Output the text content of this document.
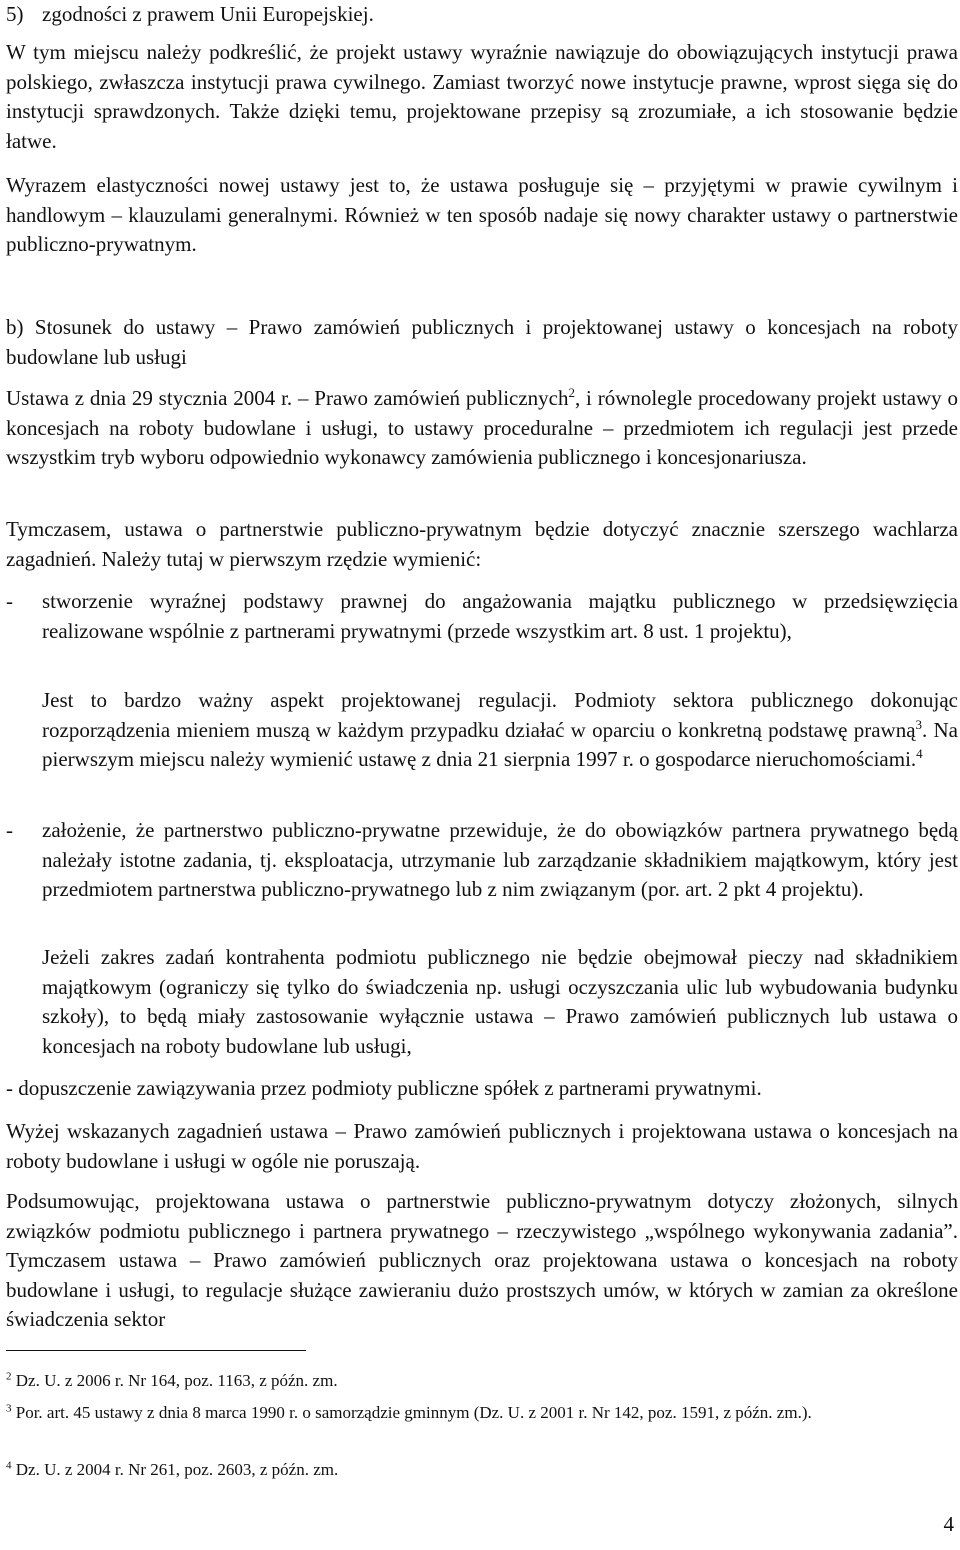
5) zgodności z prawem Unii Europejskiej.

W tym miejscu należy podkreślić, że projekt ustawy wyraźnie nawiązuje do obowiązujących instytucji prawa polskiego, zwłaszcza instytucji prawa cywilnego. Zamiast tworzyć nowe instytucje prawne, wprost sięga się do instytucji sprawdzonych. Także dzięki temu, projektowane przepisy są zrozumiałe, a ich stosowanie będzie łatwe.

Wyrazem elastyczności nowej ustawy jest to, że ustawa posługuje się – przyjętymi w prawie cywilnym i handlowym – klauzulami generalnymi. Również w ten sposób nadaje się nowy charakter ustawy o partnerstwie publiczno-prywatnym.

b) Stosunek do ustawy – Prawo zamówień publicznych i projektowanej ustawy o koncesjach na roboty budowlane lub usługi

Ustawa z dnia 29 stycznia 2004 r. – Prawo zamówień publicznych$^2$, i równolegle procedowany projekt ustawy o koncesjach na roboty budowlane i usługi, to ustawy proceduralne – przedmiotem ich regulacji jest przede wszystkim tryb wyboru odpowiednio wykonawcy zamówienia publicznego i koncesjonariusza.

Tymczasem, ustawa o partnerstwie publiczno-prywatnym będzie dotyczyć znacznie szerszego wachlarza zagadnień. Należy tutaj w pierwszym rzędzie wymienić:

-	stworzenie wyraźnej podstawy prawnej do angażowania majątku publicznego w przedsięwzięcia realizowane wspólnie z partnerami prywatnymi (przede wszystkim art. 8 ust. 1 projektu),

Jest to bardzo ważny aspekt projektowanej regulacji. Podmioty sektora publicznego dokonując rozporządzenia mieniem muszą w każdym przypadku działać w oparciu o konkretną podstawę prawną$^3$. Na pierwszym miejscu należy wymienić ustawę z dnia 21 sierpnia 1997 r. o gospodarce nieruchomościami.$^4$

-	założenie, że partnerstwo publiczno-prywatne przewiduje, że do obowiązków partnera prywatnego będą należały istotne zadania, tj. eksploatacja, utrzymanie lub zarządzanie składnikiem majątkowym, który jest przedmiotem partnerstwa publiczno-prywatnego lub z nim związanym (por. art. 2 pkt 4 projektu).

Jeżeli zakres zadań kontrahenta podmiotu publicznego nie będzie obejmował pieczy nad składnikiem majątkowym (ograniczy się tylko do świadczenia np. usługi oczyszczania ulic lub wybudowania budynku szkoły), to będą miały zastosowanie wyłącznie ustawa – Prawo zamówień publicznych lub ustawa o koncesjach na roboty budowlane lub usługi,

- dopuszczenie zawiązywania przez podmioty publiczne spółek z partnerami prywatnymi.

Wyżej wskazanych zagadnień ustawa – Prawo zamówień publicznych i projektowana ustawa o koncesjach na roboty budowlane i usługi w ogóle nie poruszają.

Podsumowując, projektowana ustawa o partnerstwie publiczno-prywatnym dotyczy złożonych, silnych związków podmiotu publicznego i partnera prywatnego – rzeczywistego „wspólnego wykonywania zadania”. Tymczasem ustawa – Prawo zamówień publicznych oraz projektowana ustawa o koncesjach na roboty budowlane i usługi, to regulacje służące zawieraniu dużo prostszych umów, w których w zamian za określone świadczenia sektor

$^2$ Dz. U. z 2006 r. Nr 164, poz. 1163, z późn. zm.

$^3$ Por. art. 45 ustawy z dnia 8 marca 1990 r. o samorządzie gminnym (Dz. U. z 2001 r. Nr 142, poz. 1591, z późn. zm.).

$^4$ Dz. U. z 2004 r. Nr 261, poz. 2603, z późn. zm.

4
